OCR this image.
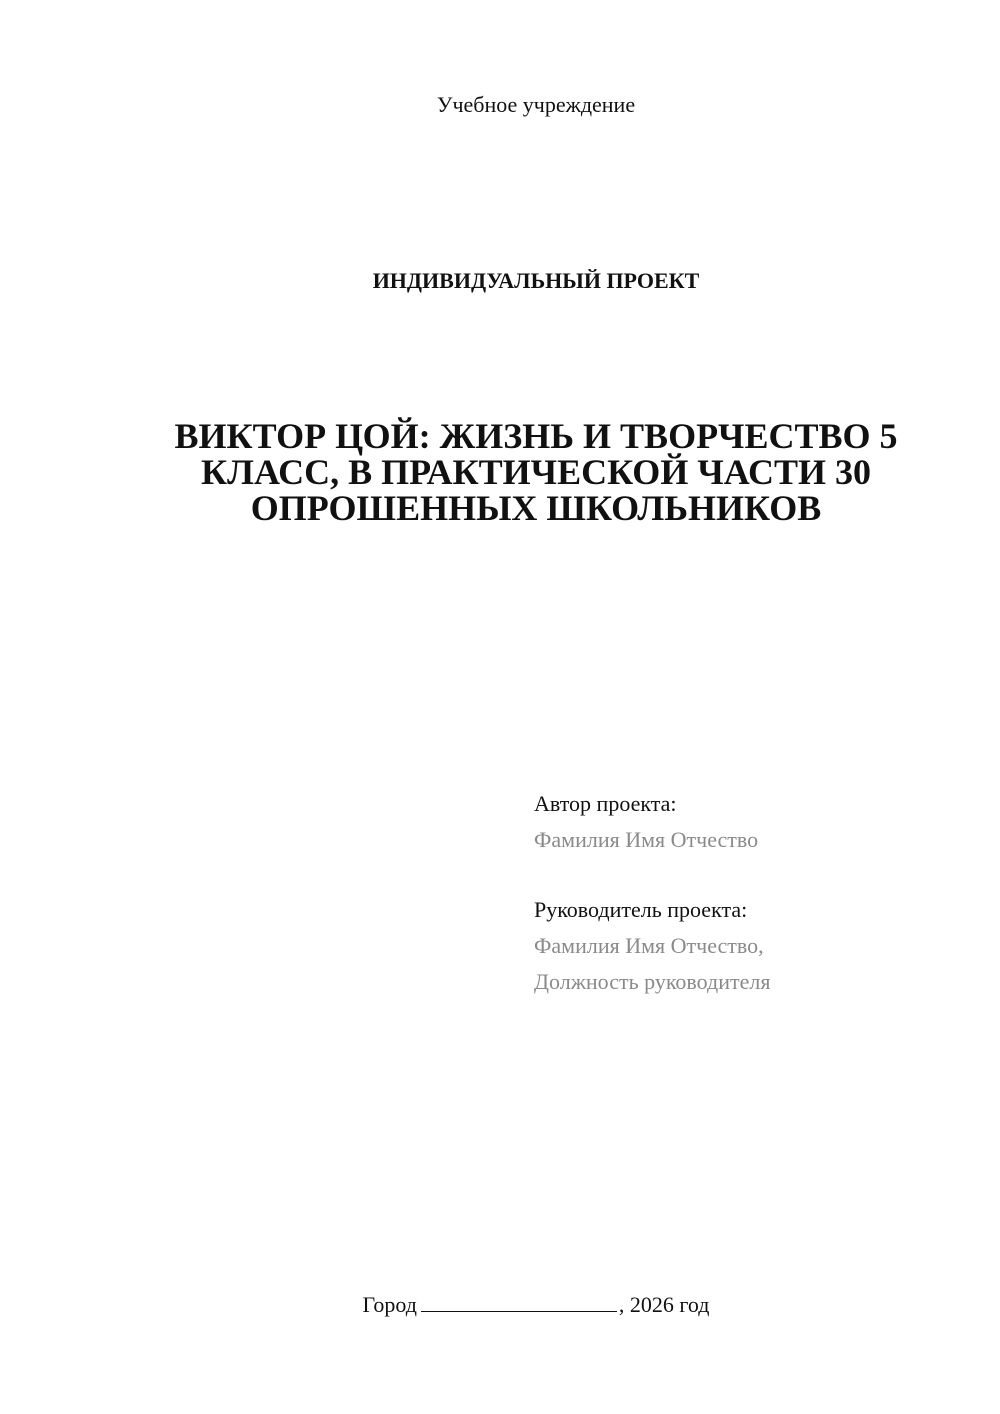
Учебное учреждение
ИНДИВИДУАЛЬНЫЙ ПРОЕКТ
ВИКТОР ЦОЙ: ЖИЗНЬ И ТВОРЧЕСТВО 5
КЛАСС, В ПРАКТИЧЕСКОЙ ЧАСТИ 30
ОПРОШЕННЫХ ШКОЛЬНИКОВ
Автор проекта:
Фамилия Имя Отчество
Руководитель проекта:
Фамилия Имя Отчество,
Должность руководителя
Город	, 2026 год
